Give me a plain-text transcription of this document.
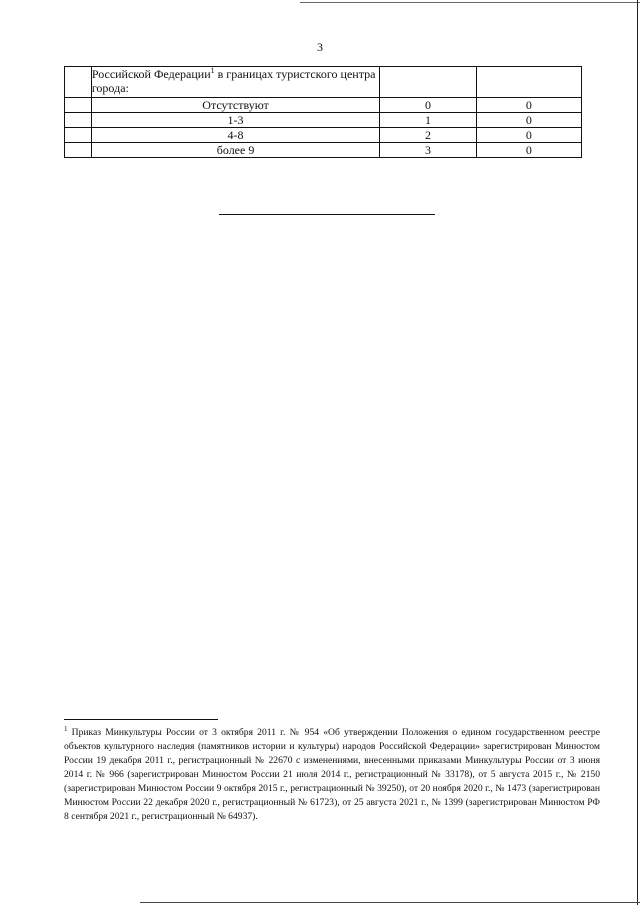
3
	Российской Федерации$^1$ в границах туристского центра города:		
	Отсутствуют	0	0
	1-3	1	0
	4-8	2	0
	более 9	3	0

$^1$ Приказ Минкультуры России от 3 октября 2011 г. № 954 «Об утверждении Положения о едином государственном реестре объектов культурного наследия (памятников истории и культуры) народов Российской Федерации» зарегистрирован Минюстом России 19 декабря 2011 г., регистрационный № 22670 с изменениями, внесенными приказами Минкультуры России от 3 июня 2014 г. № 966 (зарегистрирован Минюстом России 21 июля 2014 г., регистрационный № 33178), от 5 августа 2015 г., № 2150 (зарегистрирован Минюстом России 9 октября 2015 г., регистрационный № 39250), от 20 ноября 2020 г., № 1473 (зарегистрирован Минюстом России 22 декабря 2020 г., регистрационный № 61723), от 25 августа 2021 г., № 1399 (зарегистрирован Минюстом РФ 8 сентября 2021 г., регистрационный № 64937).
